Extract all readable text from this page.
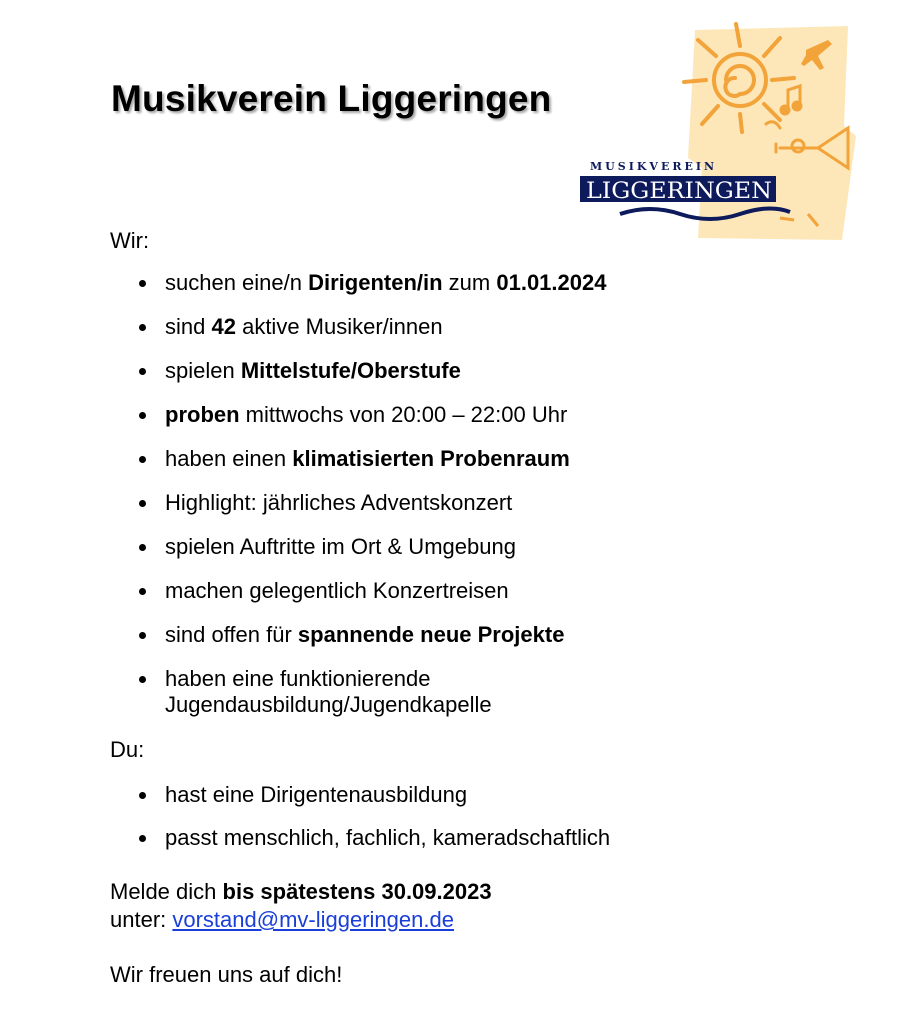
Musikverein Liggeringen
MUSIKVEREIN
LIGGERINGEN

Wir:

suchen eine/n Dirigenten/in zum 01.01.2024
sind 42 aktive Musiker/innen
spielen Mittelstufe/Oberstufe
proben mittwochs von 20:00 – 22:00 Uhr
haben einen klimatisierten Probenraum
Highlight: jährliches Adventskonzert
spielen Auftritte im Ort & Umgebung
machen gelegentlich Konzertreisen
sind offen für spannende neue Projekte
haben eine funktionierende
Jugendausbildung/Jugendkapelle

Du:

hast eine Dirigentenausbildung
passt menschlich, fachlich, kameradschaftlich

Melde dich bis spätestens 30.09.2023
unter: vorstand@mv-liggeringen.de

Wir freuen uns auf dich!
